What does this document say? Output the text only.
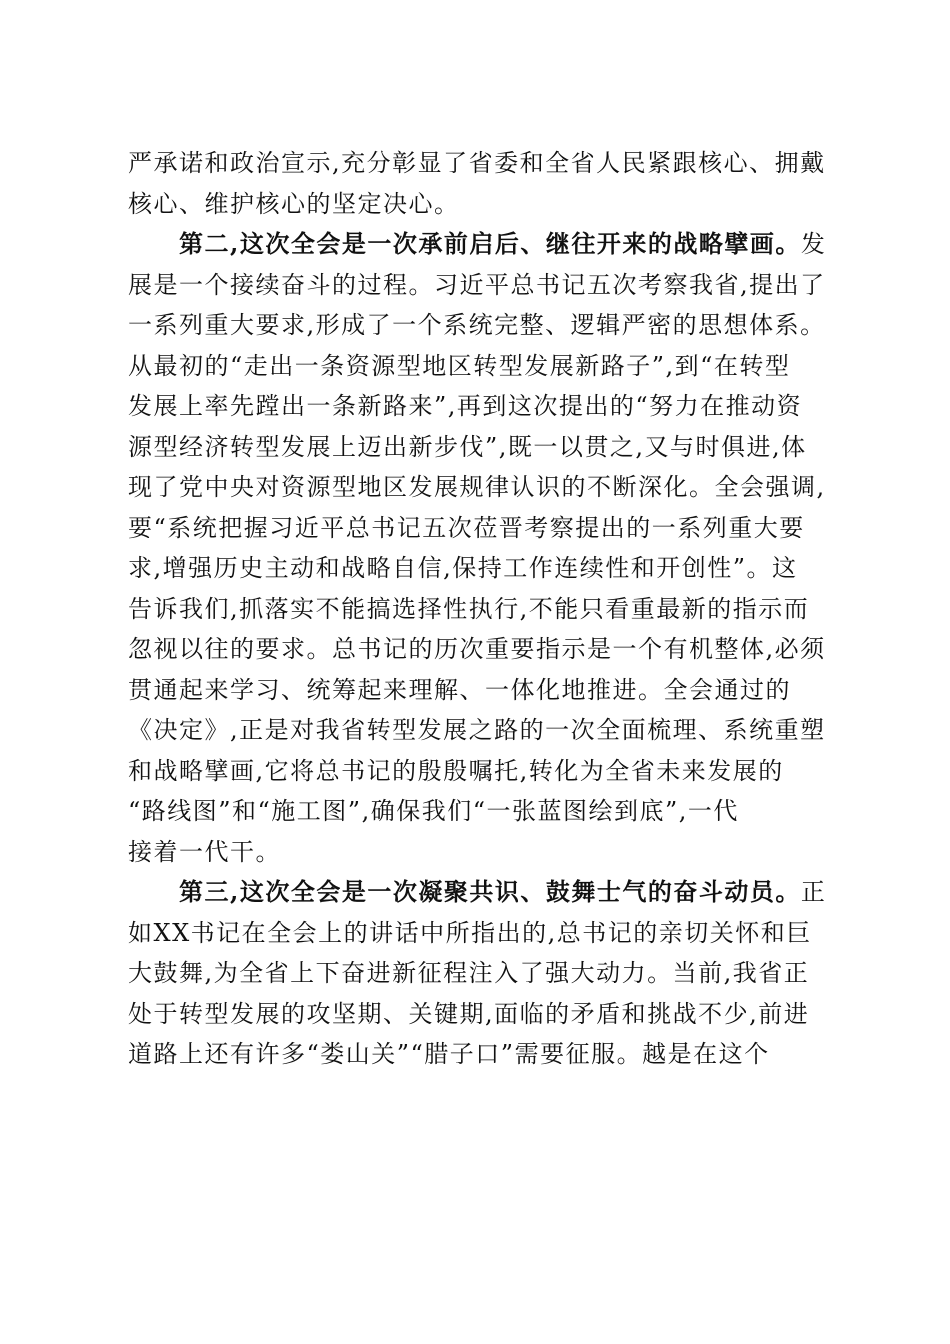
严承诺和政治宣示,充分彰显了省委和全省人民紧跟核心、拥戴
核心、维护核心的坚定决心。
　　第二,这次全会是一次承前启后、继往开来的战略擘画。发
展是一个接续奋斗的过程。习近平总书记五次考察我省,提出了
一系列重大要求,形成了一个系统完整、逻辑严密的思想体系。
从最初的“走出一条资源型地区转型发展新路子”,到“在转型
发展上率先蹚出一条新路来”,再到这次提出的“努力在推动资
源型经济转型发展上迈出新步伐”,既一以贯之,又与时俱进,体
现了党中央对资源型地区发展规律认识的不断深化。全会强调,
要“系统把握习近平总书记五次莅晋考察提出的一系列重大要
求,增强历史主动和战略自信,保持工作连续性和开创性”。这
告诉我们,抓落实不能搞选择性执行,不能只看重最新的指示而
忽视以往的要求。总书记的历次重要指示是一个有机整体,必须
贯通起来学习、统筹起来理解、一体化地推进。全会通过的
《决定》,正是对我省转型发展之路的一次全面梳理、系统重塑
和战略擘画,它将总书记的殷殷嘱托,转化为全省未来发展的
“路线图”和“施工图”,确保我们“一张蓝图绘到底”,一代
接着一代干。
　　第三,这次全会是一次凝聚共识、鼓舞士气的奋斗动员。正
如XX书记在全会上的讲话中所指出的,总书记的亲切关怀和巨
大鼓舞,为全省上下奋进新征程注入了强大动力。当前,我省正
处于转型发展的攻坚期、关键期,面临的矛盾和挑战不少,前进
道路上还有许多“娄山关”“腊子口”需要征服。越是在这个
